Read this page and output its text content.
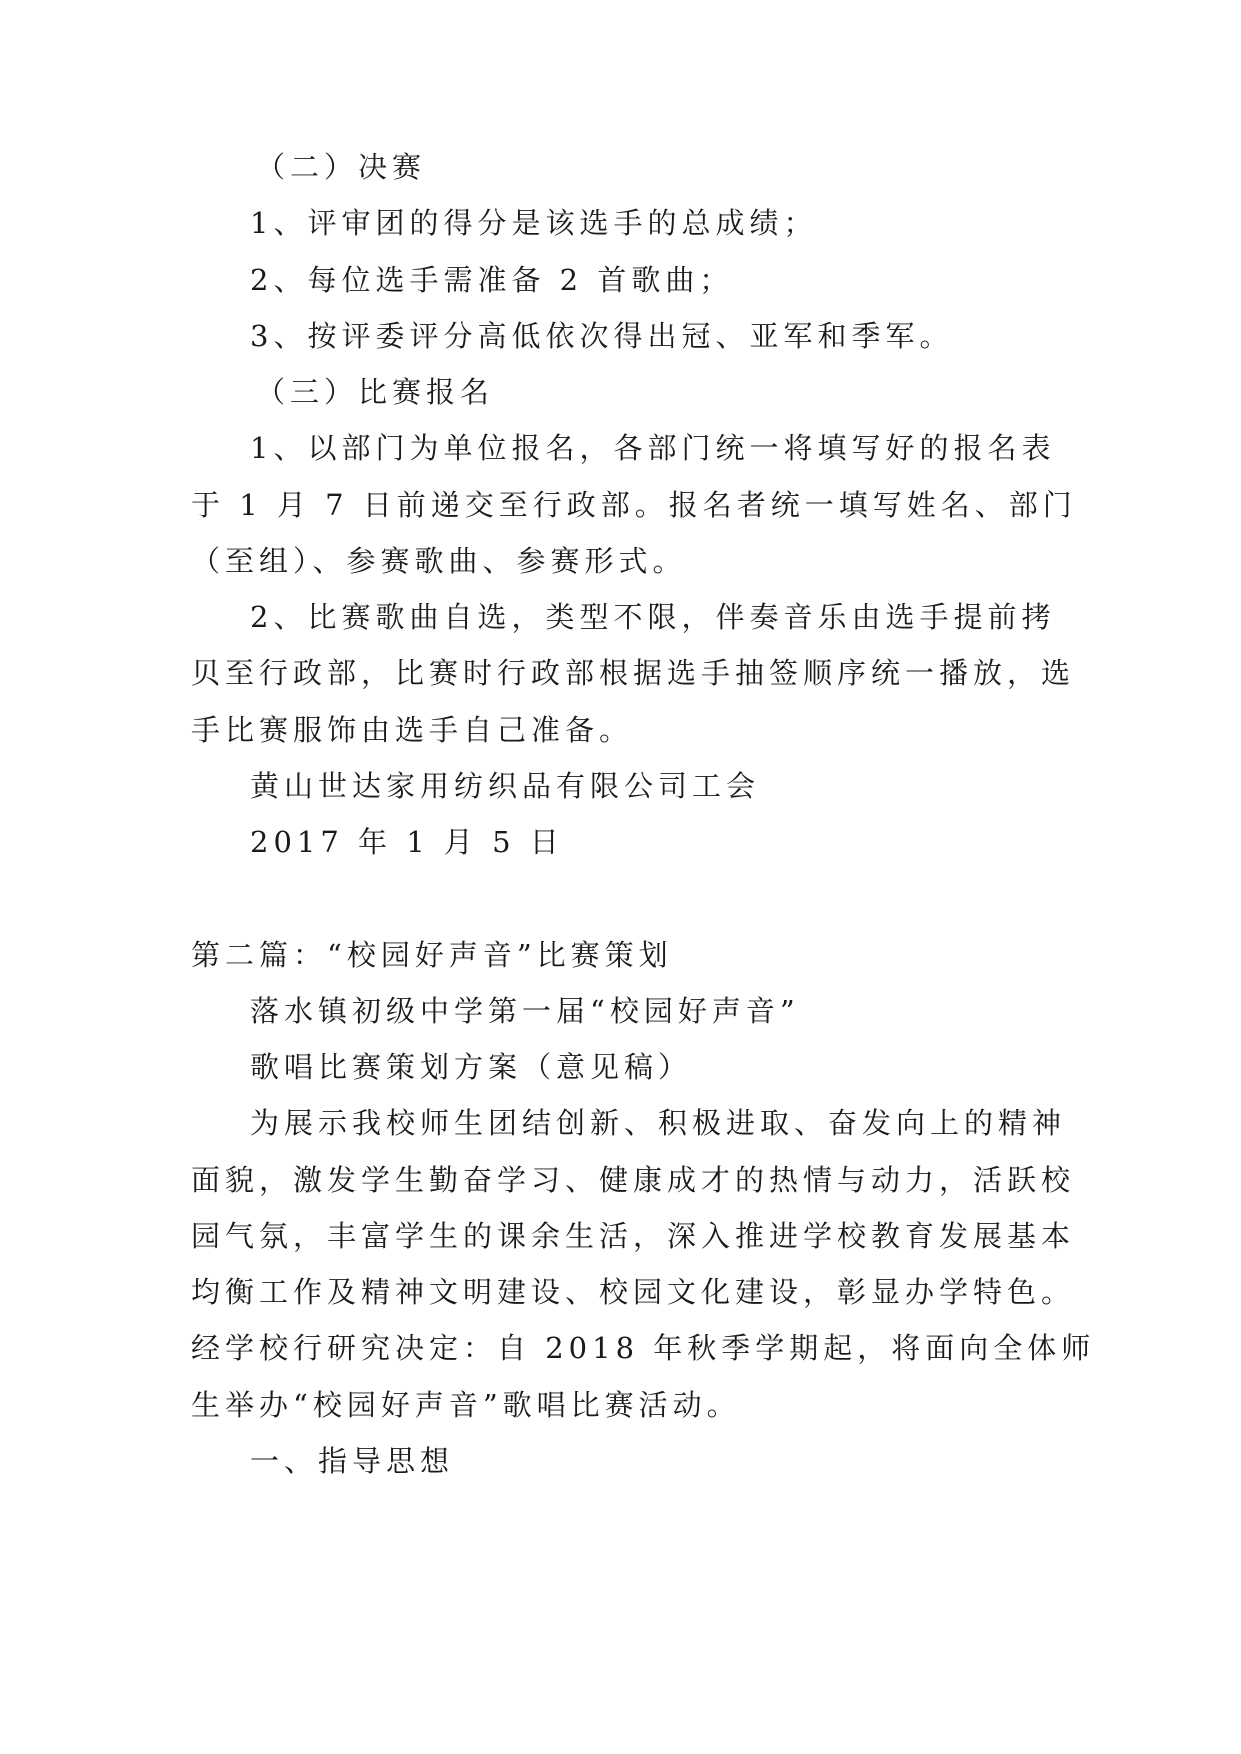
（二）决赛
1、评审团的得分是该选手的总成绩；
2、每位选手需准备 2 首歌曲；
3、按评委评分高低依次得出冠、亚军和季军。
（三）比赛报名
1、以部门为单位报名，各部门统一将填写好的报名表
于 1 月 7 日前递交至行政部。报名者统一填写姓名、部门
（至组）、参赛歌曲、参赛形式。
2、比赛歌曲自选，类型不限，伴奏音乐由选手提前拷
贝至行政部，比赛时行政部根据选手抽签顺序统一播放，选
手比赛服饰由选手自己准备。
黄山世达家用纺织品有限公司工会
2017 年 1 月 5 日
第二篇：“校园好声音”比赛策划
落水镇初级中学第一届“校园好声音”
歌唱比赛策划方案（意见稿）
为展示我校师生团结创新、积极进取、奋发向上的精神
面貌，激发学生勤奋学习、健康成才的热情与动力，活跃校
园气氛，丰富学生的课余生活，深入推进学校教育发展基本
均衡工作及精神文明建设、校园文化建设，彰显办学特色。
经学校行研究决定：自 2018 年秋季学期起，将面向全体师
生举办“校园好声音”歌唱比赛活动。
一、指导思想
